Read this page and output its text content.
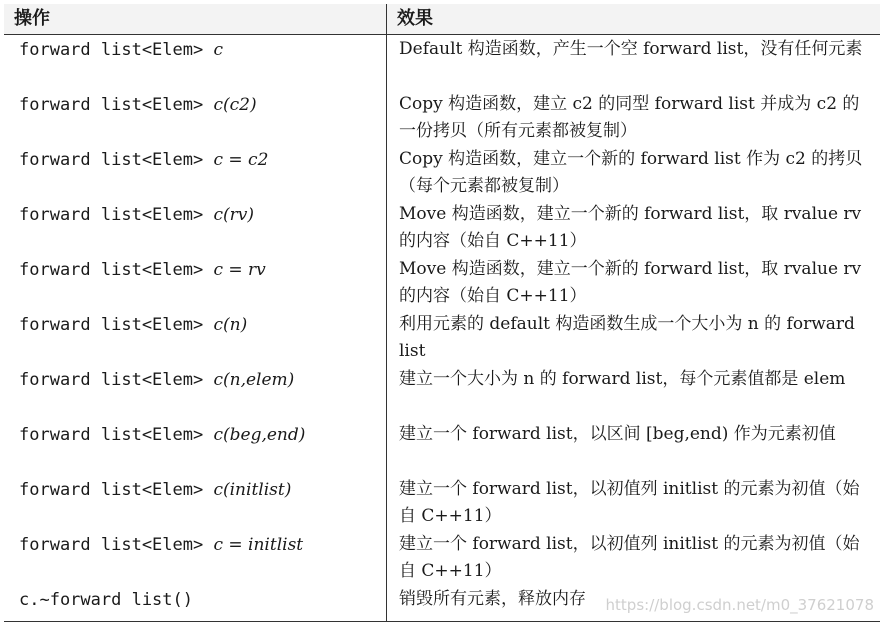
操作	效果
forward list<Elem> c	Default 构造函数，产生一个空 forward list，没有任何元素
forward list<Elem> c(c2)	Copy 构造函数，建立 c2 的同型 forward list 并成为 c2 的一份拷贝（所有元素都被复制）
forward list<Elem> c = c2	Copy 构造函数，建立一个新的 forward list 作为 c2 的拷贝（每个元素都被复制）
forward list<Elem> c(rv)	Move 构造函数，建立一个新的 forward list，取 rvalue rv 的内容（始自 C++11）
forward list<Elem> c = rv	Move 构造函数，建立一个新的 forward list，取 rvalue rv 的内容（始自 C++11）
forward list<Elem> c(n)	利用元素的 default 构造函数生成一个大小为 n 的 forward list
forward list<Elem> c(n,elem)	建立一个大小为 n 的 forward list，每个元素值都是 elem
forward list<Elem> c(beg,end)	建立一个 forward list，以区间 [beg,end) 作为元素初值
forward list<Elem> c(initlist)	建立一个 forward list，以初值列 initlist 的元素为初值（始自 C++11）
forward list<Elem> c = initlist	建立一个 forward list，以初值列 initlist 的元素为初值（始自 C++11）
c.~forward list()	销毁所有元素，释放内存 https://blog.csdn.net/m0_37621078
